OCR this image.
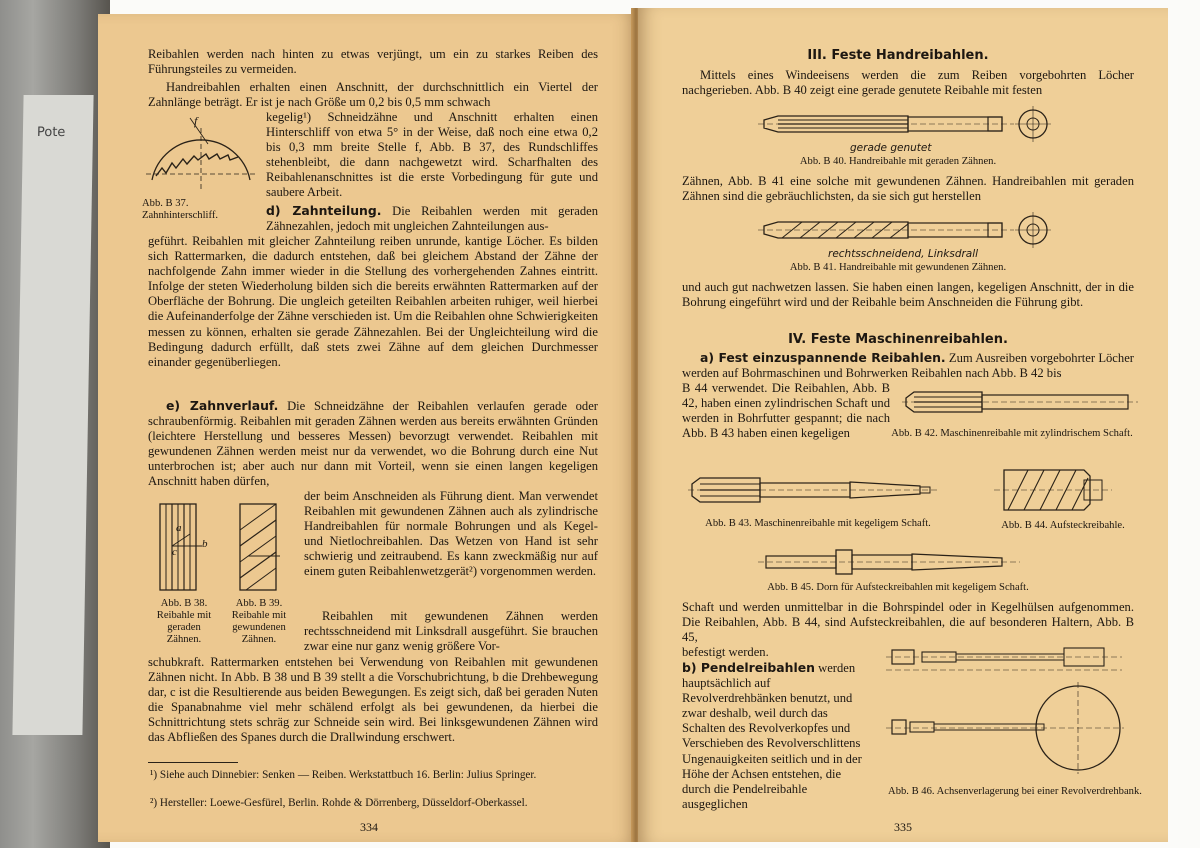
Pote

Reibahlen werden nach hinten zu etwas verjüngt, um ein zu starkes Reiben des Führungsteiles zu vermeiden.

Handreibahlen erhalten einen Anschnitt, der durchschnittlich ein Viertel der Zahnlänge beträgt. Er ist je nach Größe um 0,2 bis 0,5 mm schwach

f

Abb. B 37. Zahnhinterschliff.

kegelig¹) Schneidzähne und Anschnitt erhalten einen Hinterschliff von etwa 5° in der Weise, daß noch eine etwa 0,2 bis 0,3 mm breite Stelle f, Abb. B 37, des Rundschliffes stehenbleibt, die dann nachgewetzt wird. Scharfhalten des Reibahlenanschnittes ist die erste Vorbedingung für gute und saubere Arbeit.

d) Zahnteilung. Die Reibahlen werden mit geraden Zähnezahlen, jedoch mit ungleichen Zahnteilungen aus-

geführt. Reibahlen mit gleicher Zahnteilung reiben unrunde, kantige Löcher. Es bilden sich Rattermarken, die dadurch entstehen, daß bei gleichem Abstand der Zähne der nachfolgende Zahn immer wieder in die Stellung des vorhergehenden Zahnes eintritt. Infolge der steten Wiederholung bilden sich die bereits erwähnten Rattermarken auf der Oberfläche der Bohrung. Die ungleich geteilten Reibahlen arbeiten ruhiger, weil hierbei die Aufeinanderfolge der Zähne verschieden ist. Um die Reibahlen ohne Schwierigkeiten messen zu können, erhalten sie gerade Zähnezahlen. Bei der Ungleichteilung wird die Bedingung dadurch erfüllt, daß stets zwei Zähne auf dem gleichen Durchmesser einander gegenüberliegen.

e) Zahnverlauf. Die Schneidzähne der Reibahlen verlaufen gerade oder schraubenförmig. Reibahlen mit geraden Zähnen werden aus bereits erwähnten Gründen (leichtere Herstellung und besseres Messen) bevorzugt verwendet. Reibahlen mit gewundenen Zähnen werden meist nur da verwendet, wo die Bohrung durch eine Nut unterbrochen ist; aber auch nur dann mit Vorteil, wenn sie einen langen kegeligen Anschnitt haben dürfen,

b
c
a

Abb. B 38. Reibahle mit geraden Zähnen.

Abb. B 39. Reibahle mit gewundenen Zähnen.

der beim Anschneiden als Führung dient. Man verwendet Reibahlen mit gewundenen Zähnen auch als zylindrische Handreibahlen für normale Bohrungen und als Kegel- und Nietlochreibahlen. Das Wetzen von Hand ist sehr schwierig und zeitraubend. Es kann zweckmäßig nur auf einem guten Reibahlenwetzgerät²) vorgenommen werden.

Reibahlen mit gewundenen Zähnen werden rechtsschneidend mit Linksdrall ausgeführt. Sie brauchen zwar eine nur ganz wenig größere Vor-

schubkraft. Rattermarken entstehen bei Verwendung von Reibahlen mit gewundenen Zähnen nicht. In Abb. B 38 und B 39 stellt a die Vorschubrichtung, b die Drehbewegung dar, c ist die Resultierende aus beiden Bewegungen. Es zeigt sich, daß bei geraden Nuten die Spanabnahme viel mehr schälend erfolgt als bei gewundenen, da hierbei die Schnittrichtung stets schräg zur Schneide sein wird. Bei linksgewundenen Zähnen wird das Abfließen des Spanes durch die Drallwindung erschwert.

¹) Siehe auch Dinnebier: Senken — Reiben. Werkstattbuch 16. Berlin: Julius Springer.

²) Hersteller: Loewe-Gesfürel, Berlin. Rohde & Dörrenberg, Düsseldorf-Oberkassel.

334

III. Feste Handreibahlen.

Mittels eines Windeeisens werden die zum Reiben vorgebohrten Löcher nachgerieben. Abb. B 40 zeigt eine gerade genutete Reibahle mit festen

gerade genutet

Abb. B 40. Handreibahle mit geraden Zähnen.

Zähnen, Abb. B 41 eine solche mit gewundenen Zähnen. Handreibahlen mit geraden Zähnen sind die gebräuchlichsten, da sie sich gut herstellen

rechtsschneidend, Linksdrall

Abb. B 41. Handreibahle mit gewundenen Zähnen.

und auch gut nachwetzen lassen. Sie haben einen langen, kegeligen Anschnitt, der in die Bohrung eingeführt wird und der Reibahle beim Anschneiden die Führung gibt.

IV. Feste Maschinenreibahlen.

a) Fest einzuspannende Reibahlen. Zum Ausreiben vorgebohrter Löcher werden auf Bohrmaschinen und Bohrwerken Reibahlen nach Abb. B 42 bis

B 44 verwendet. Die Reibahlen, Abb. B 42, haben einen zylindrischen Schaft und werden in Bohrfutter gespannt; die nach Abb. B 43 haben einen kegeligen	Abb. B 42. Maschinenreibahle mit zylindrischem Schaft.

Abb. B 43. Maschinenreibahle mit kegeligem Schaft.	Abb. B 44. Aufsteckreibahle.

Abb. B 45. Dorn für Aufsteckreibahlen mit kegeligem Schaft.

Schaft und werden unmittelbar in die Bohrspindel oder in Kegelhülsen aufgenommen. Die Reibahlen, Abb. B 44, sind Aufsteckreibahlen, die auf besonderen Haltern, Abb. B 45,

befestigt werden.

b) Pendelreibahlen werden hauptsächlich auf Revolverdrehbänken benutzt, und zwar deshalb, weil durch das Schalten des Revolverkopfes und Verschieben des Revolverschlittens Ungenauigkeiten seitlich und in der Höhe der Achsen entstehen, die durch die Pendelreibahle ausgeglichen

Abb. B 46. Achsenverlagerung bei einer Revolverdrehbank.

335
